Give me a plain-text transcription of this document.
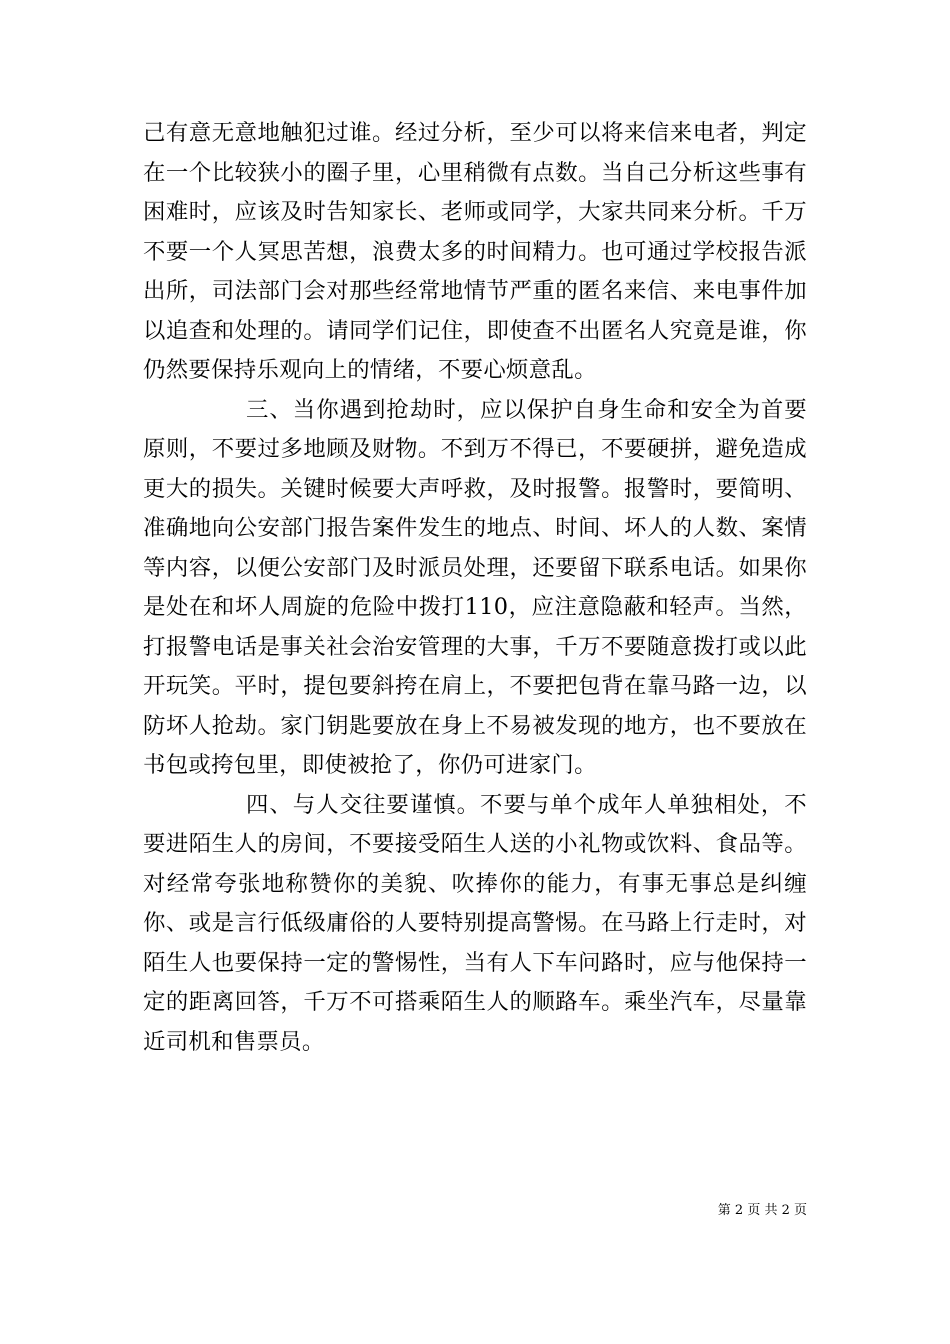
己有意无意地触犯过谁。经过分析，至少可以将来信来电者，判定在一个比较狭小的圈子里，心里稍微有点数。当自己分析这些事有困难时，应该及时告知家长、老师或同学，大家共同来分析。千万不要一个人冥思苦想，浪费太多的时间精力。也可通过学校报告派出所，司法部门会对那些经常地情节严重的匿名来信、来电事件加以追查和处理的。请同学们记住，即使查不出匿名人究竟是谁，你仍然要保持乐观向上的情绪，不要心烦意乱。

三、当你遇到抢劫时，应以保护自身生命和安全为首要原则，不要过多地顾及财物。不到万不得已，不要硬拼，避免造成更大的损失。关键时候要大声呼救，及时报警。报警时，要简明、准确地向公安部门报告案件发生的地点、时间、坏人的人数、案情等内容，以便公安部门及时派员处理，还要留下联系电话。如果你是处在和坏人周旋的危险中拨打110，应注意隐蔽和轻声。当然，打报警电话是事关社会治安管理的大事，千万不要随意拨打或以此开玩笑。平时，提包要斜挎在肩上，不要把包背在靠马路一边，以防坏人抢劫。家门钥匙要放在身上不易被发现的地方，也不要放在书包或挎包里，即使被抢了，你仍可进家门。

四、与人交往要谨慎。不要与单个成年人单独相处，不要进陌生人的房间，不要接受陌生人送的小礼物或饮料、食品等。对经常夸张地称赞你的美貌、吹捧你的能力，有事无事总是纠缠你、或是言行低级庸俗的人要特别提高警惕。在马路上行走时，对陌生人也要保持一定的警惕性，当有人下车问路时，应与他保持一定的距离回答，千万不可搭乘陌生人的顺路车。乘坐汽车，尽量靠近司机和售票员。

第 2 页 共 2 页
